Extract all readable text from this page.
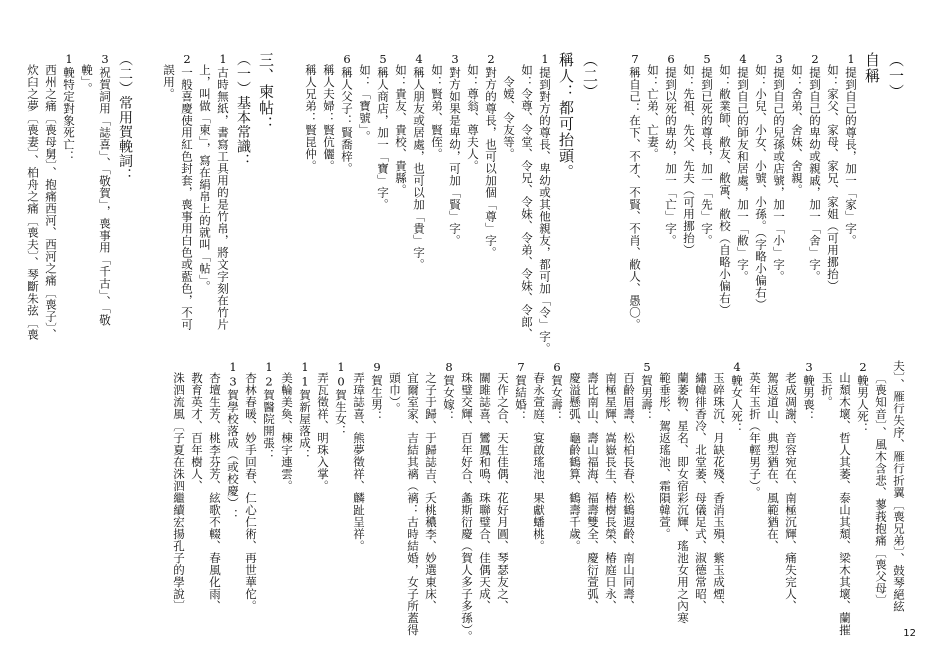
（一）
自稱
1提到自己的尊長，加一「家」字。
如：家父、家母、家兄、家姐（可用挪抬）
2提到自己的卑幼或親戚，加一「舍」字。
如：舍弟、舍妹、舍親。
3提到自己的兒孫或店號，加一「小」字。
如：小兒、小女、小號、小孫。（字略小偏右）
4提到自己的師友和居處，加一「敝」字。
如：敝業師、敝友、敝寓、敝校（自略小偏右）
5提到已死的尊長，加一「先」字。
如：先祖、先父、先夫（可用挪抬）
6提到以死的卑幼，加一「亡」字。
如：亡弟、亡妻。
7稱自己：在下、不才、不賢、不肖、敝人、愚〇。
（二）
稱人：都可抬頭。
1提到對方的尊長、卑幼或其他親友，都可加「令」字。
如：令尊、令堂、令兄、令妹、令弟、令妹、令郎、
令嫒、令友等。
2對方的尊長，也可以加個「尊」字。
如：尊翁、尊夫人。
3對方如果是卑幼，可加「賢」字。
如：賢弟、賢侄。
4稱人朋友或居處，也可以加「貴」字。
如：貴友、貴校、貴縣。
5稱人商店，加一「寶」字。
如：「寶號」。
6稱人父子：賢喬梓。
稱人夫婦：賢伉儷。
稱人兄弟：賢昆仲。
三、柬帖：
（一）基本常識：
1古時無紙，書寫工具用的是竹帛，將文字刻在竹片
上，叫做「柬」，寫在絹帛上的就叫「帖」。
2一般喜慶使用紅色封套，喪事用白色或藍色，不可
誤用。
（二）常用賀輓詞：
3祝賀詞用「誌喜」、「敬賀」，喪事用「千古」、「敬
輓」。
1輓特定對象死亡：
西州之痛〔喪母舅〕、抱痛西河、西河之痛〔喪子〕、
炊臼之夢〔喪妻〕、柏舟之痛〔喪夫〕、琴斷朱弦〔喪
夫〕、雁行失序、雁行折翼〔喪兄弟〕、鼓琴絕絃
〔喪知音〕、風木含悲、蓼莪抱痛〔喪父母〕
2輓男人死：
山頹木壞、哲人其萎、泰山其頹、梁木其壞、蘭摧
玉折。
3輓男喪：
老成凋謝、音容宛在、南極沉輝、痛失完人、
駕返道山、典型猶在、風範猶在、
英年玉折（年輕男子）。
4輓女人死：
玉碎珠沉、月缺花殘、香消玉殞、紫玉成煙、
繡幃徘香冷、北堂萎、母儀足式、淑德常昭、
蘭萎物、星名、即女宿彩沉輝、瑤池女用之內寒
範垂彤、駕返瑤池、霜隕韓萱。
5賀男壽：
百齡眉壽、松柏長春、松鶴遐齡、南山同壽、
南極星輝、嵩嶽長生、椿樹長榮、椿庭日永、
壽比南山、壽山福海、福壽雙全、慶衍萱弧、
慶溢懸弧、龜齡鶴算、鶴壽千歲。
6賀女壽：
春永萱庭、宴啟瑤池、果獻蟠桃。
7賀結婚：
天作之合、天生佳偶、花好月圓、琴瑟友之、
關雎誌喜、鸞鳳和鳴、珠聯璧合、佳偶天成、
珠璧交輝、百年好合、螽斯衍慶（賀人多子多孫）。
8賀女嫁：
之子于歸、于歸誌吉、夭桃穠李、妙選東床、
宜爾室家、吉結其褵（褵：古時結婚，女子所蓋得
頭巾）。
9賀生男：
弄璋誌喜、熊夢徵祥、麟趾呈祥。
10賀生女：
弄瓦徵祥、明珠入掌。
11賀新屋落成：
美輪美奐、棟宇連雲。
12賀醫院開張：
杏林春暖、妙手回春、仁心仁術、再世華佗。
13賀學校落成（或校慶）：
杏壇生芳、桃李芬芳、絃歌不輟、春風化雨、
教育英才、百年樹人、
洙泗流風〔子夏在洙泗繼續宏揚孔子的學說〕
12
